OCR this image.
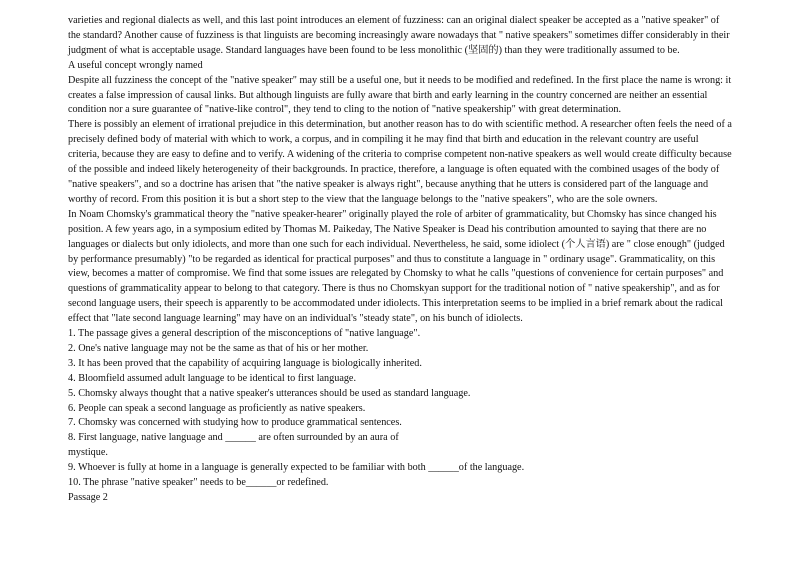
varieties and regional dialects as well, and this last point introduces an element of fuzziness: can an original dialect speaker be accepted as a "native speaker" of the standard? Another cause of fuzziness is that linguists are becoming increasingly aware nowadays that " native speakers" sometimes differ considerably in their judgment of what is acceptable usage. Standard languages have been found to be less monolithic (坚固的) than they were traditionally assumed to be.

A useful concept wrongly named

Despite all fuzziness the concept of the "native speaker" may still be a useful one, but it needs to be modified and redefined. In the first place the name is wrong: it creates a false impression of causal links. But although linguists are fully aware that birth and early learning in the country concerned are neither an essential condition nor a sure guarantee of "native-like control", they tend to cling to the notion of "native speakership" with great determination.

There is possibly an element of irrational prejudice in this determination, but another reason has to do with scientific method. A researcher often feels the need of a precisely defined body of material with which to work, a corpus, and in compiling it he may find that birth and education in the relevant country are useful criteria, because they are easy to define and to verify. A widening of the criteria to comprise competent non-native speakers as well would create difficulty because of the possible and indeed likely heterogeneity of their backgrounds. In practice, therefore, a language is often equated with the combined usages of the body of "native speakers", and so a doctrine has arisen that "the native speaker is always right", because anything that he utters is considered part of the language and worthy of record. From this position it is but a short step to the view that the language belongs to the "native speakers", who are the sole owners.

In Noam Chomsky's grammatical theory the "native speaker-hearer" originally played the role of arbiter of grammaticality, but Chomsky has since changed his position. A few years ago, in a symposium edited by Thomas M. Paikeday, The Native Speaker is Dead his contribution amounted to saying that there are no languages or dialects but only idiolects, and more than one such for each individual. Nevertheless, he said, some idiolect (个人言语) are " close enough" (judged by performance presumably) "to be regarded as identical for practical purposes" and thus to constitute a language in " ordinary usage". Grammaticality, on this view, becomes a matter of compromise. We find that some issues are relegated by Chomsky to what he calls "questions of convenience for certain purposes" and questions of grammaticality appear to belong to that category. There is thus no Chomskyan support for the traditional notion of " native speakership", and as for second language users, their speech is apparently to be accommodated under idiolects. This interpretation seems to be implied in a brief remark about the radical effect that "late second language learning" may have on an individual's "steady state", on his bunch of idiolects.

1. The passage gives a general description of the misconceptions of "native language".

2. One's native language may not be the same as that of his or her mother.

3. It has been proved that the capability of acquiring language is biologically inherited.

4. Bloomfield assumed adult language to be identical to first language.

5. Chomsky always thought that a native speaker's utterances should be used as standard language.

6. People can speak a second language as proficiently as native speakers.

7. Chomsky was concerned with studying how to produce grammatical sentences.

8. First language, native language and ______ are often surrounded by an aura of

mystique.

9. Whoever is fully at home in a language is generally expected to be familiar with both ______of the language.

10. The phrase "native speaker" needs to be______or redefined.

Passage 2
